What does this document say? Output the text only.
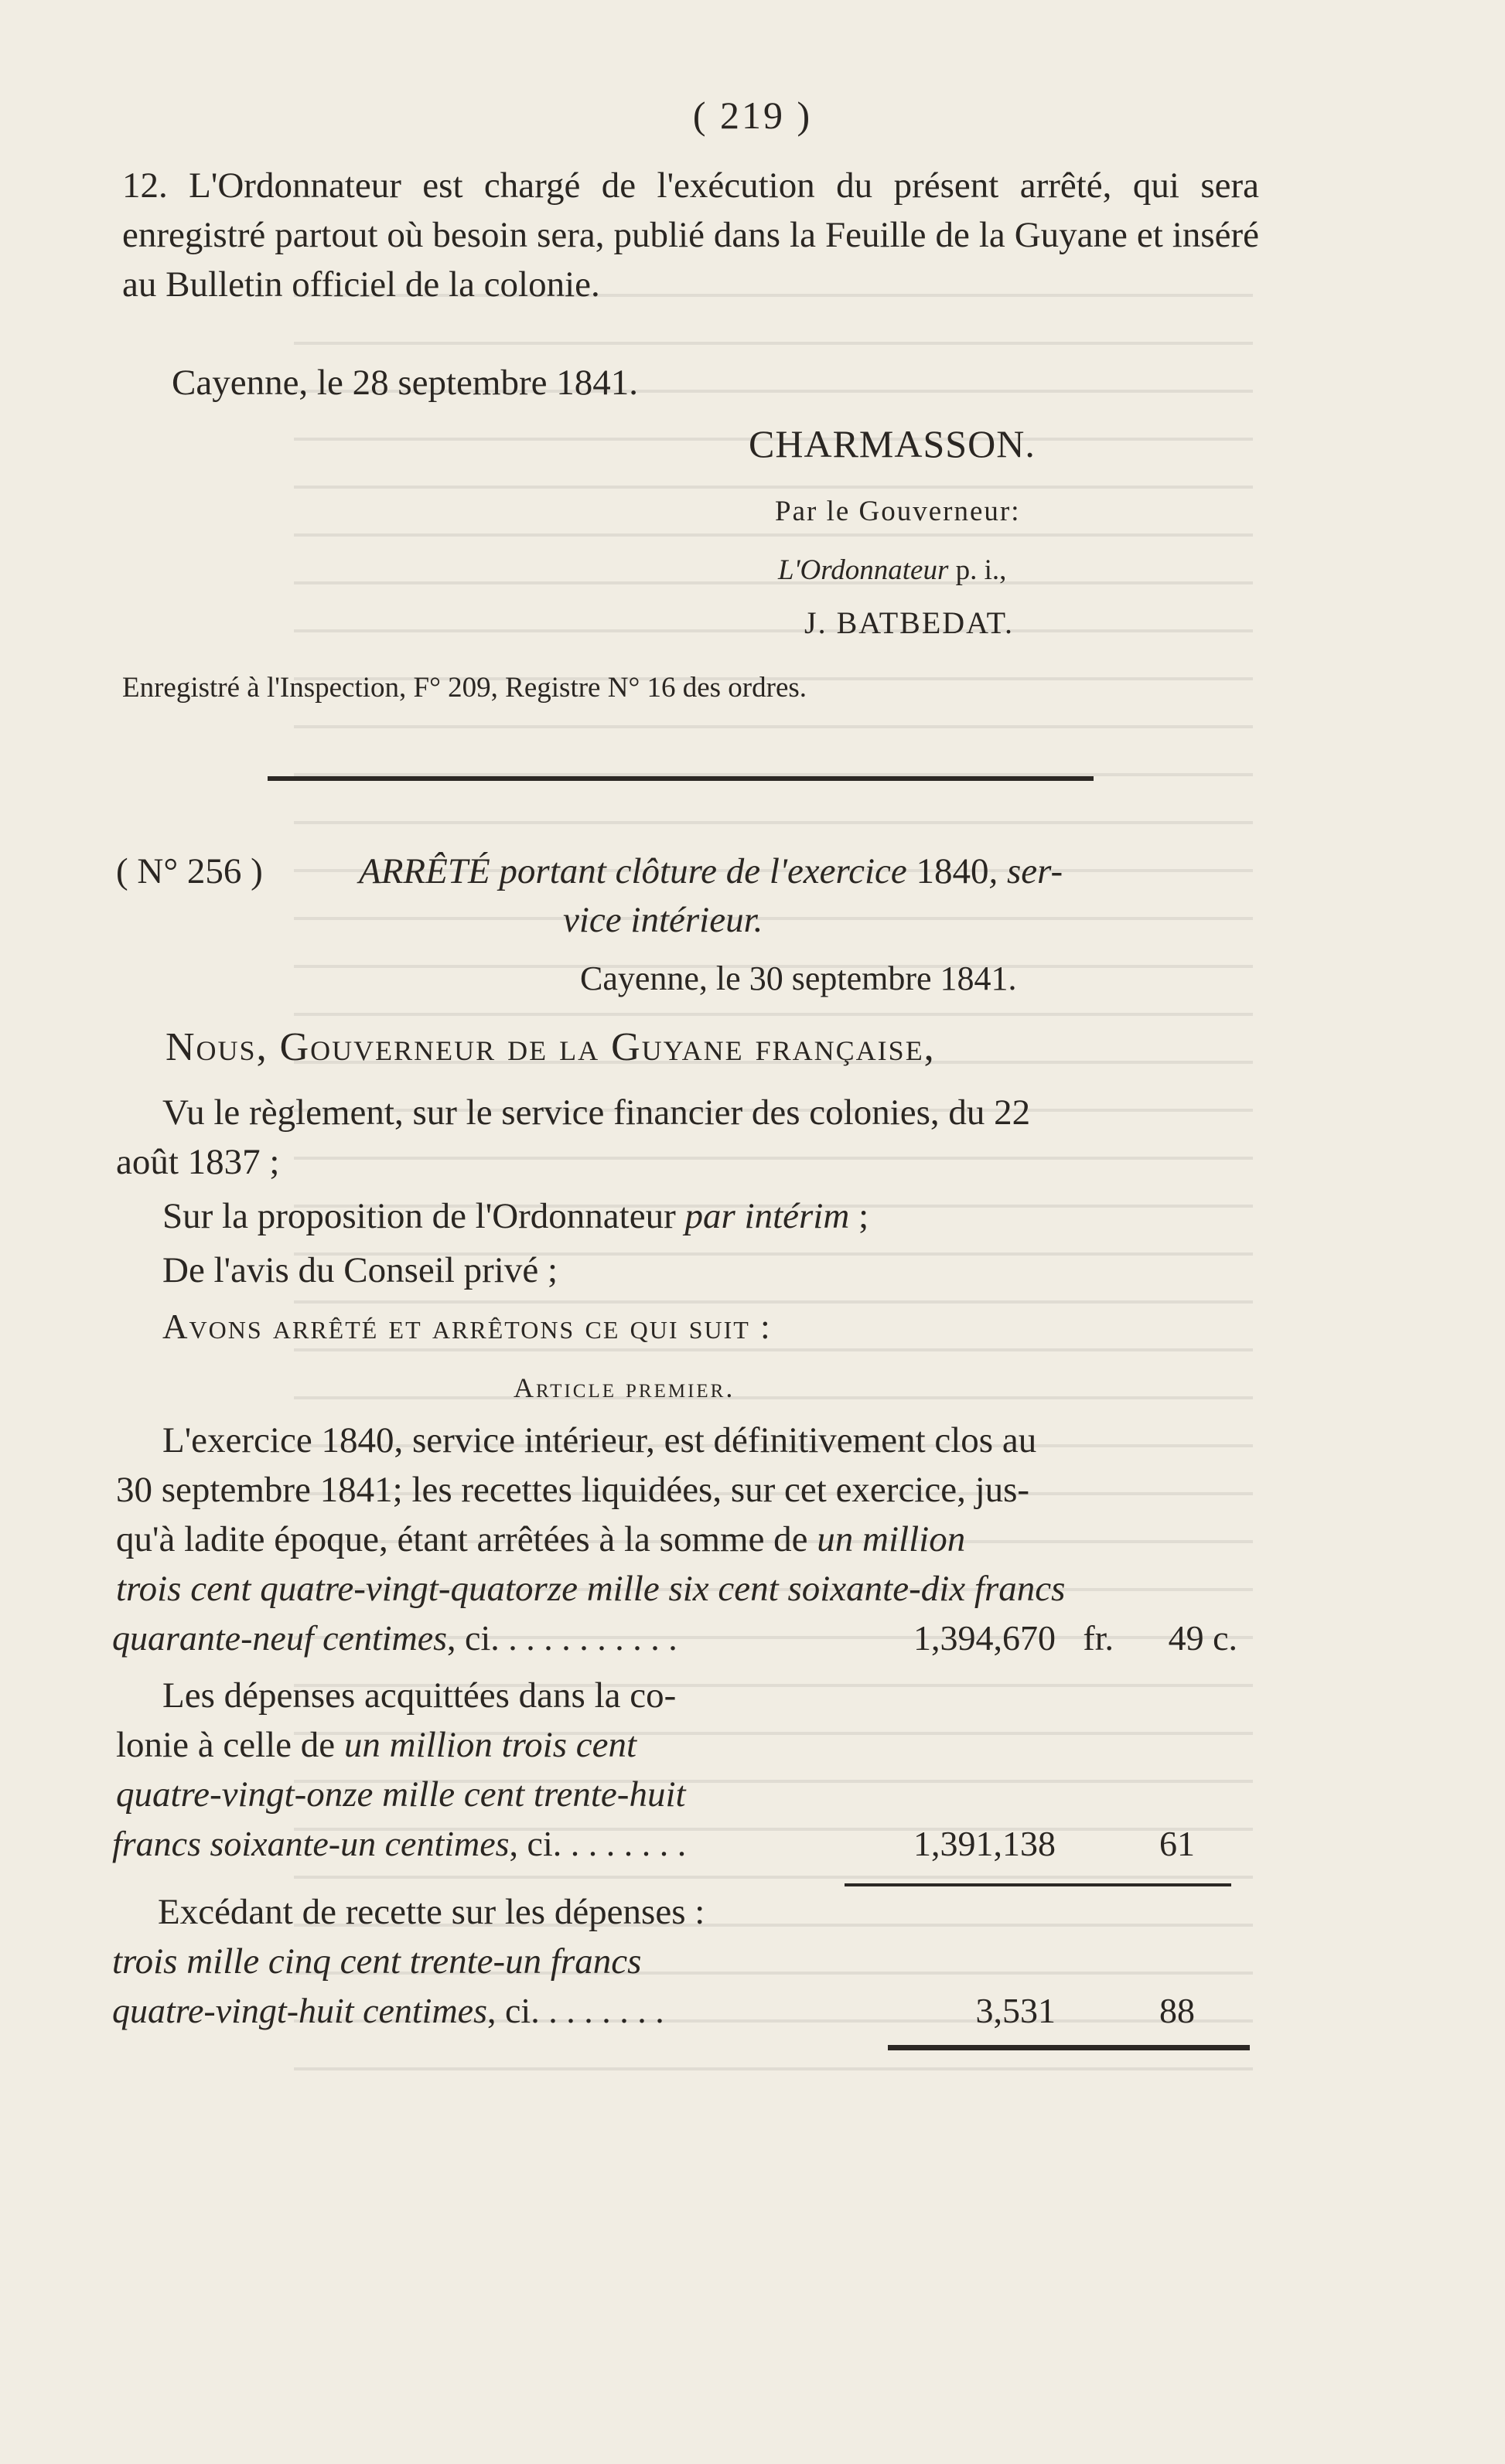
( 219 )
12. L'Ordonnateur est chargé de l'exécution du présent arrêté, qui sera enregistré partout où besoin sera, publié dans la Feuille de la Guyane et inséré au Bulletin officiel de la colonie.
Cayenne, le 28 septembre 1841.
CHARMASSON.
Par le Gouverneur:
L'Ordonnateur p. i.,
J. BATBEDAT.
Enregistré à l'Inspection, F° 209, Registre N° 16 des ordres.
( N° 256 )	ARRÊTÉ portant clôture de l'exercice 1840, ser-
vice intérieur.
Cayenne, le 30 septembre 1841.
Nous, Gouverneur de la Guyane française,
Vu le règlement, sur le service financier des colonies, du 22
août 1837 ;
Sur la proposition de l'Ordonnateur par intérim ;
De l'avis du Conseil privé ;
Avons arrêté et arrêtons ce qui suit :
Article premier.
L'exercice 1840, service intérieur, est définitivement clos au
30 septembre 1841; les recettes liquidées, sur cet exercice, jus-
qu'à ladite époque, étant arrêtées à la somme de un million
trois cent quatre-vingt-quatorze mille six cent soixante-dix francs
quarante-neuf centimes, ci. . . . . . . . . . .	1,394,670 fr. 49 c.
Les dépenses acquittées dans la co-
lonie à celle de un million trois cent
quatre-vingt-onze mille cent trente-huit
francs soixante-un centimes, ci. . . . . . . .	1,391,138	61
Excédant de recette sur les dépenses :
trois mille cinq cent trente-un francs
quatre-vingt-huit centimes, ci. . . . . . . .	3,531	88
